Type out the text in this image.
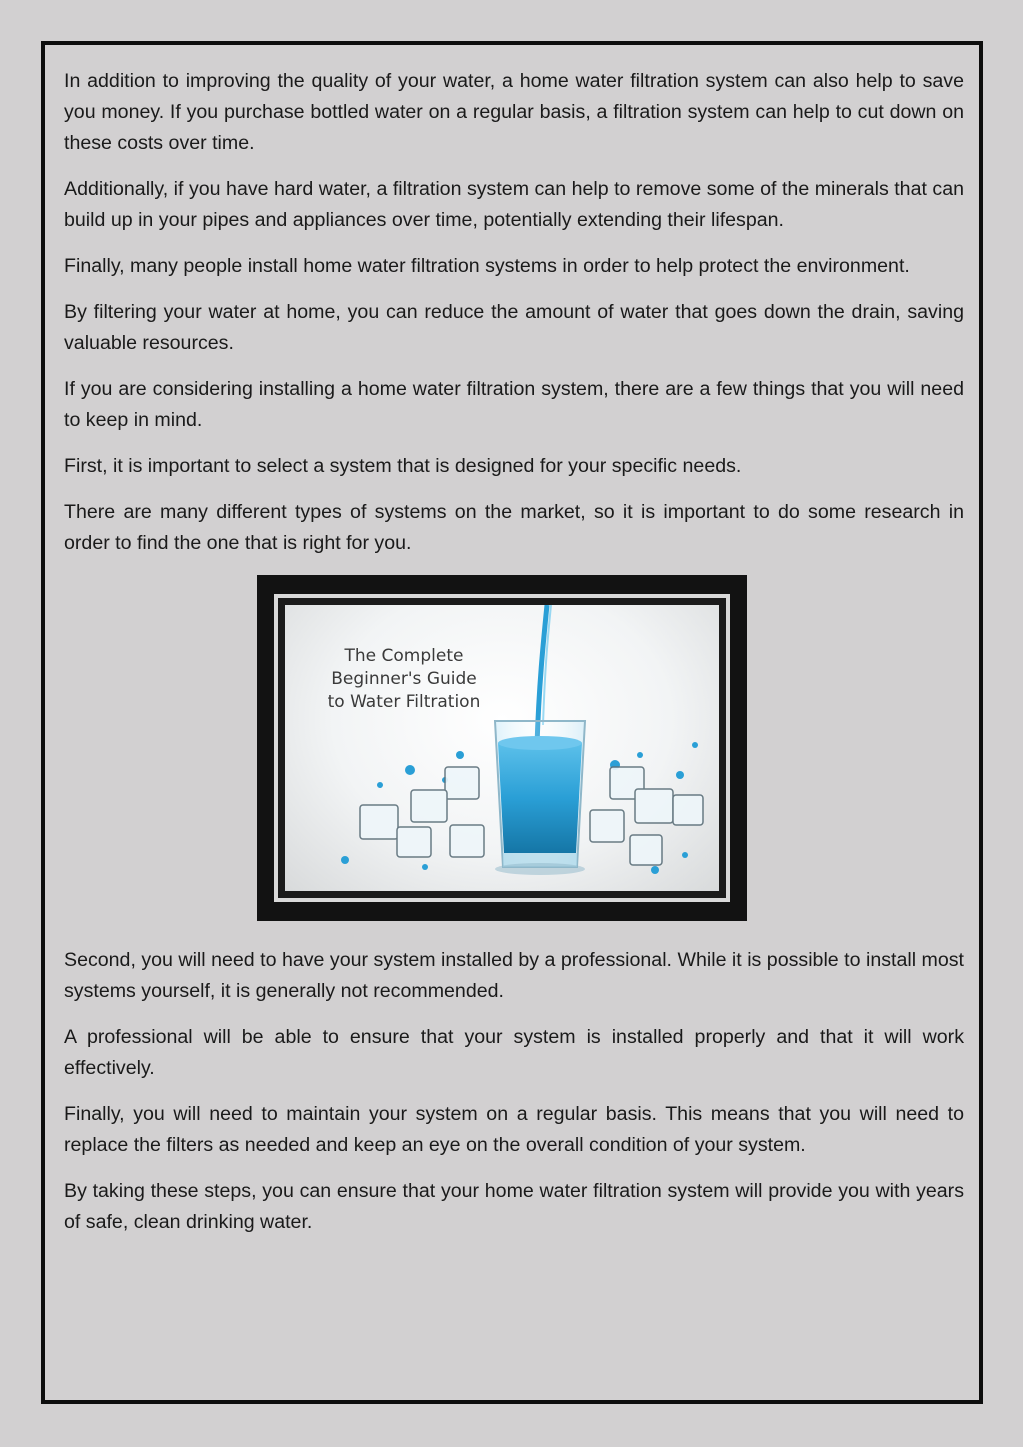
In addition to improving the quality of your water, a home water filtration system can also help to save you money. If you purchase bottled water on a regular basis, a filtration system can help to cut down on these costs over time.

Additionally, if you have hard water, a filtration system can help to remove some of the minerals that can build up in your pipes and appliances over time, potentially extending their lifespan.

Finally, many people install home water filtration systems in order to help protect the environment.

By filtering your water at home, you can reduce the amount of water that goes down the drain, saving valuable resources.

If you are considering installing a home water filtration system, there are a few things that you will need to keep in mind.

First, it is important to select a system that is designed for your specific needs.

There are many different types of systems on the market, so it is important to do some research in order to find the one that is right for you.

The Complete
Beginner's Guide
to Water Filtration

Second, you will need to have your system installed by a professional. While it is possible to install most systems yourself, it is generally not recommended.

A professional will be able to ensure that your system is installed properly and that it will work effectively.

Finally, you will need to maintain your system on a regular basis. This means that you will need to replace the filters as needed and keep an eye on the overall condition of your system.

By taking these steps, you can ensure that your home water filtration system will provide you with years of safe, clean drinking water.
